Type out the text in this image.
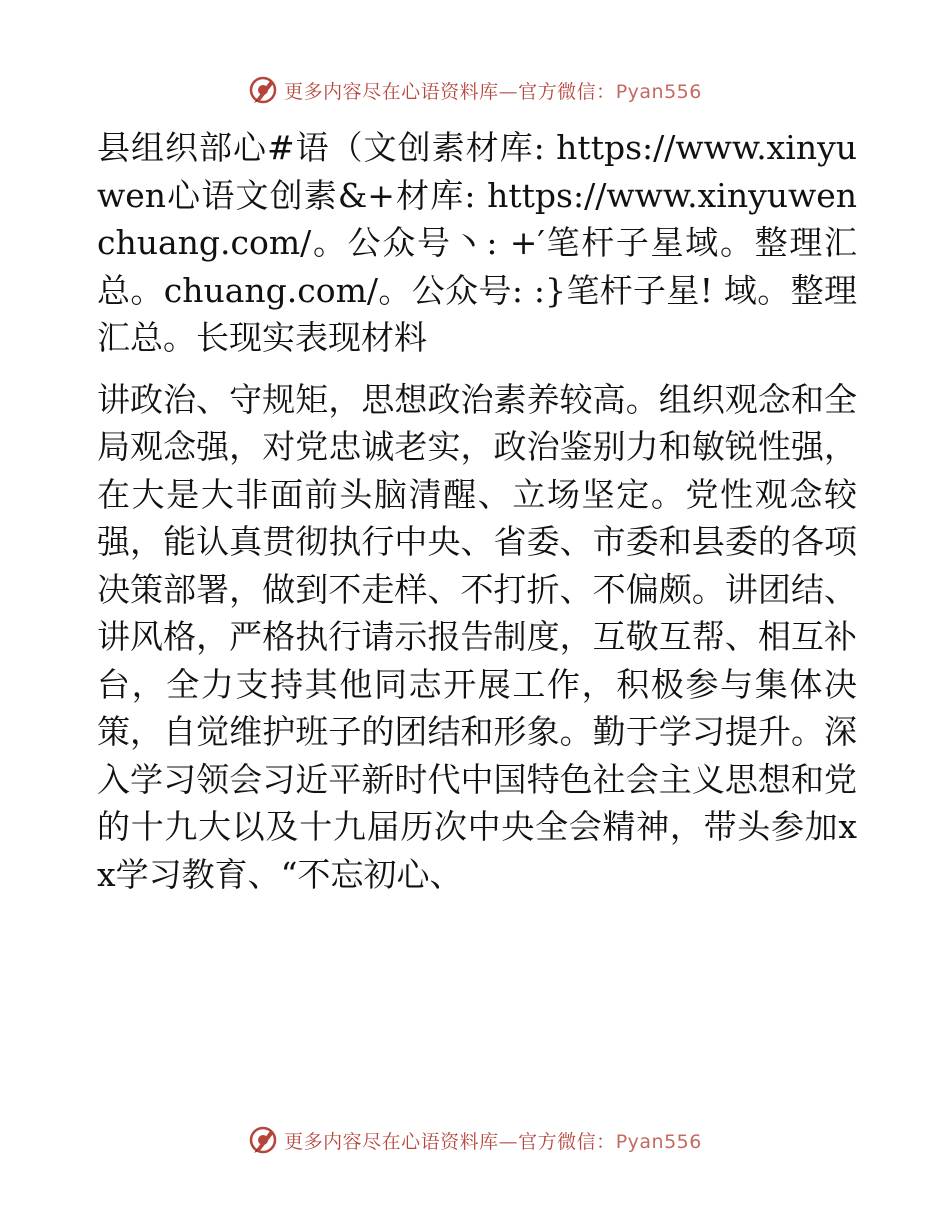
更多内容尽在心语资料库—官方微信：Pyan556

县组织部心#语（文创素材库: https://www.xinyuwen心语文创素&+材库: https://www.xinyuwenchuang.com/。公众号丶: +′笔杆子星域。整理汇总。chuang.com/。公众号: :}笔杆子星! 域。整理汇总。长现实表现材料

讲政治、守规矩，思想政治素养较高。组织观念和全局观念强，对党忠诚老实，政治鉴别力和敏锐性强，在大是大非面前头脑清醒、立场坚定。党性观念较强，能认真贯彻执行中央、省委、市委和县委的各项决策部署，做到不走样、不打折、不偏颇。讲团结、讲风格，严格执行请示报告制度，互敬互帮、相互补台，全力支持其他同志开展工作，积极参与集体决策，自觉维护班子的团结和形象。勤于学习提升。深入学习领会习近平新时代中国特色社会主义思想和党的十九大以及十九届历次中央全会精神，带头参加xx学习教育、“不忘初心、

更多内容尽在心语资料库—官方微信：Pyan556
